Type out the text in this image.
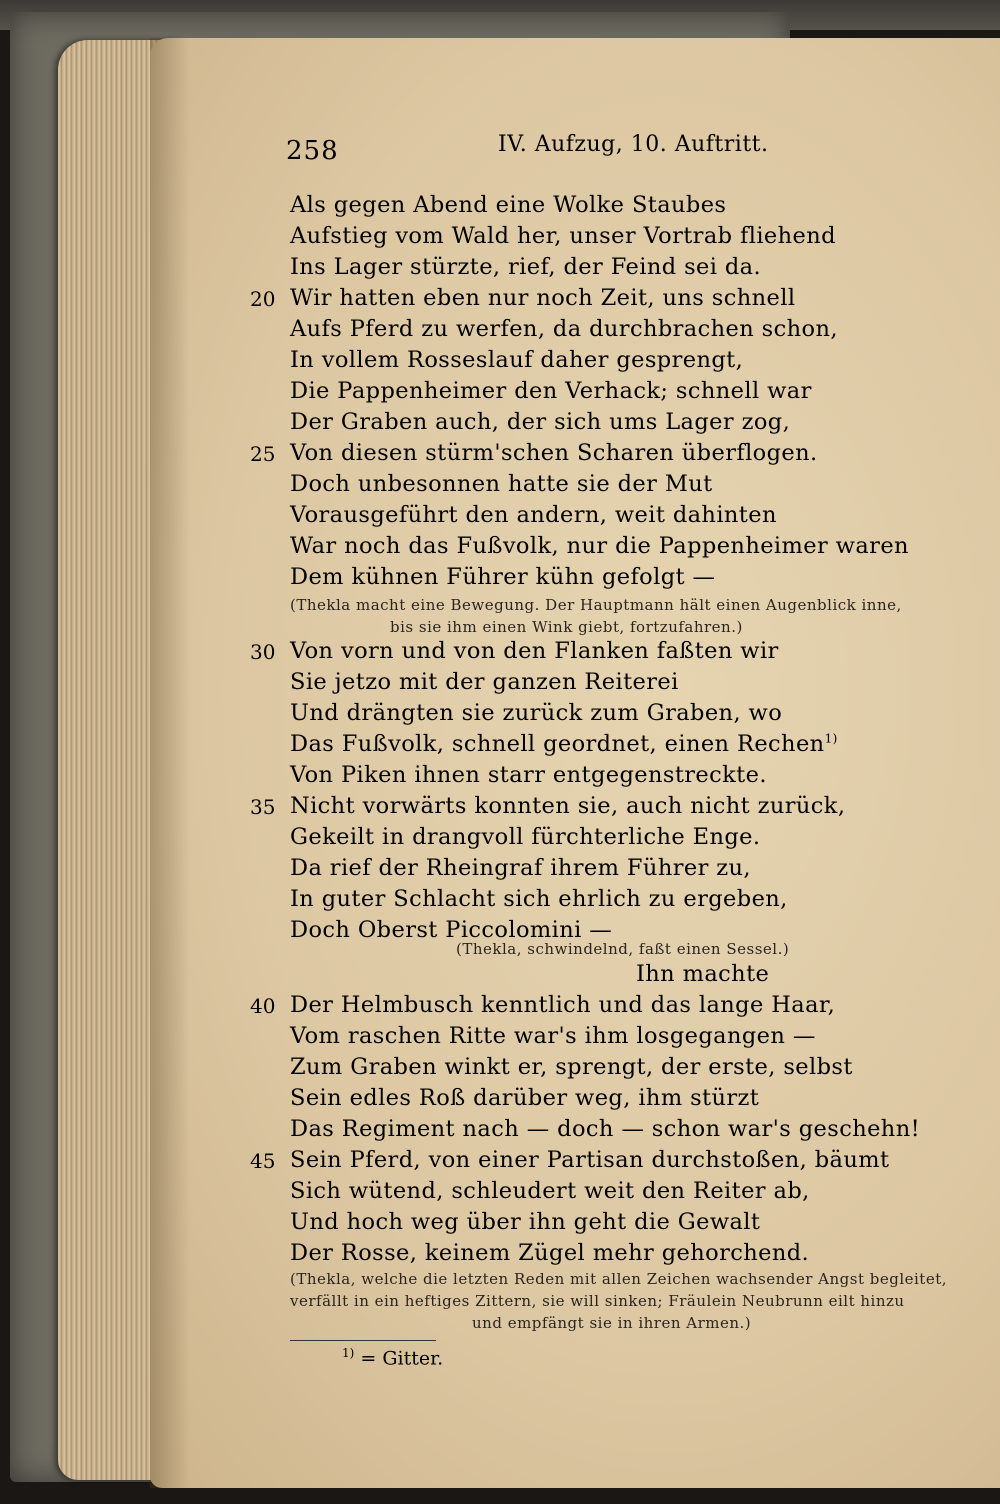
258	IV. Aufzug, 10. Auftritt.
Als gegen Abend eine Wolke Staubes
Aufstieg vom Wald her, unser Vortrab fliehend
Ins Lager stürzte, rief, der Feind sei da.
20 Wir hatten eben nur noch Zeit, uns schnell
Aufs Pferd zu werfen, da durchbrachen schon,
In vollem Rosseslauf daher gesprengt,
Die Pappenheimer den Verhack; schnell war
Der Graben auch, der sich ums Lager zog,
25 Von diesen stürm'schen Scharen überflogen.
Doch unbesonnen hatte sie der Mut
Vorausgeführt den andern, weit dahinten
War noch das Fußvolk, nur die Pappenheimer waren
Dem kühnen Führer kühn gefolgt —
(Thekla macht eine Bewegung. Der Hauptmann hält einen Augenblick inne,
bis sie ihm einen Wink giebt, fortzufahren.)
30 Von vorn und von den Flanken faßten wir
Sie jetzo mit der ganzen Reiterei
Und drängten sie zurück zum Graben, wo
Das Fußvolk, schnell geordnet, einen Rechen$^{1)}$
Von Piken ihnen starr entgegenstreckte.
35 Nicht vorwärts konnten sie, auch nicht zurück,
Gekeilt in drangvoll fürchterliche Enge.
Da rief der Rheingraf ihrem Führer zu,
In guter Schlacht sich ehrlich zu ergeben,
Doch Oberst Piccolomini —
(Thekla, schwindelnd, faßt einen Sessel.)
Ihn machte
40 Der Helmbusch kenntlich und das lange Haar,
Vom raschen Ritte war's ihm losgegangen —
Zum Graben winkt er, sprengt, der erste, selbst
Sein edles Roß darüber weg, ihm stürzt
Das Regiment nach — doch — schon war's geschehn!
45 Sein Pferd, von einer Partisan durchstoßen, bäumt
Sich wütend, schleudert weit den Reiter ab,
Und hoch weg über ihn geht die Gewalt
Der Rosse, keinem Zügel mehr gehorchend.
(Thekla, welche die letzten Reden mit allen Zeichen wachsender Angst begleitet,
verfällt in ein heftiges Zittern, sie will sinken; Fräulein Neubrunn eilt hinzu
und empfängt sie in ihren Armen.)
$^{1)}$ = Gitter.
